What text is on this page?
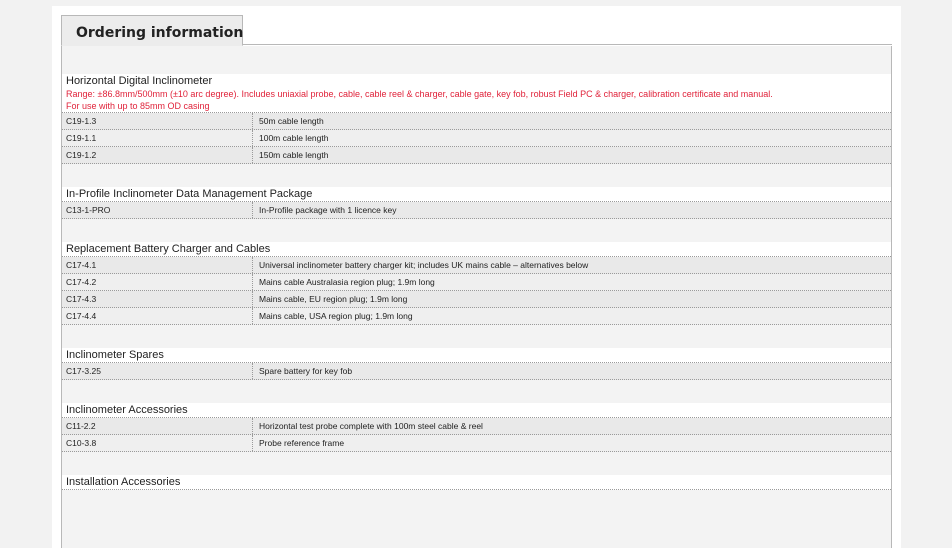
Ordering information
Horizontal Digital Inclinometer
Range: ±86.8mm/500mm (±10 arc degree). Includes uniaxial probe, cable, cable reel & charger, cable gate, key fob, robust Field PC & charger, calibration certificate and manual.
For use with up to 85mm OD casing
C19-1.3	50m cable length
C19-1.1	100m cable length
C19-1.2	150m cable length
In-Profile Inclinometer Data Management Package
C13-1-PRO	In-Profile package with 1 licence key
Replacement Battery Charger and Cables
C17-4.1	Universal inclinometer battery charger kit; includes UK mains cable – alternatives below
C17-4.2	Mains cable Australasia region plug; 1.9m long
C17-4.3	Mains cable, EU region plug; 1.9m long
C17-4.4	Mains cable, USA region plug; 1.9m long
Inclinometer Spares
C17-3.25	Spare battery for key fob
Inclinometer Accessories
C11-2.2	Horizontal test probe complete with 100m steel cable & reel
C10-3.8	Probe reference frame
Installation Accessories
